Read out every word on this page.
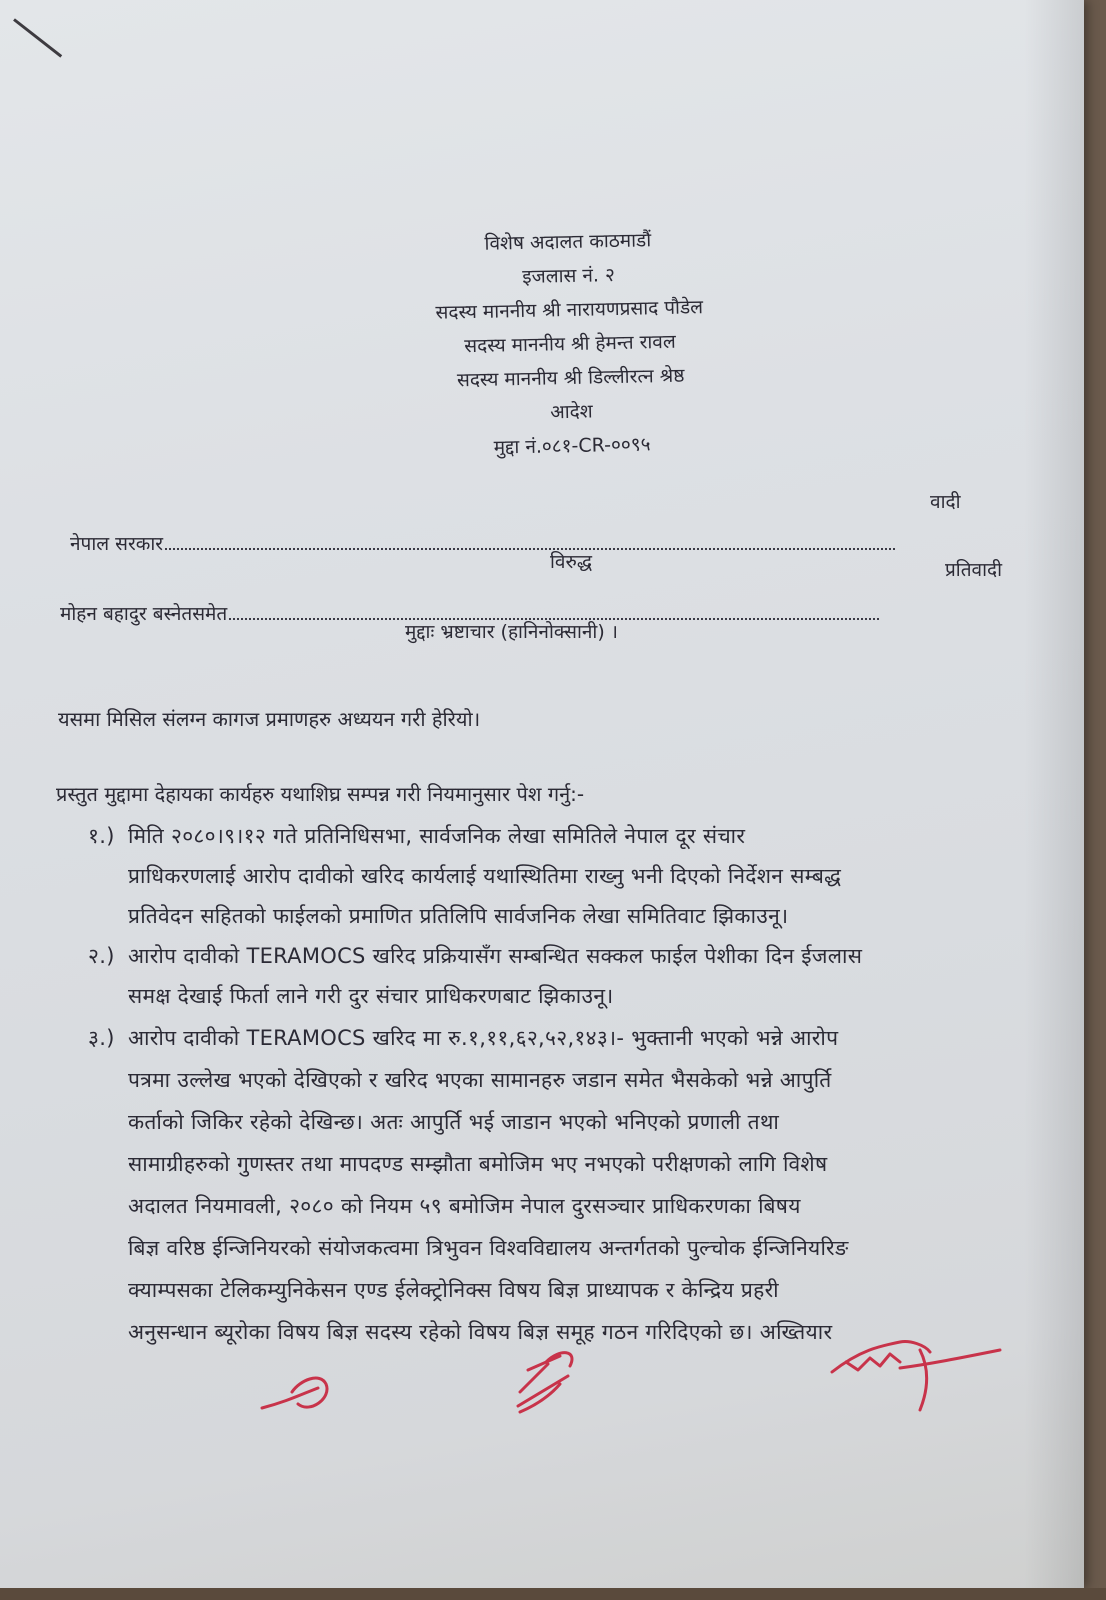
विशेष अदालत काठमाडौं
इजलास नं. २
सदस्य माननीय श्री नारायणप्रसाद पौडेल
सदस्य माननीय श्री हेमन्त रावल
सदस्य माननीय श्री डिल्लीरत्न श्रेष्ठ
आदेश
मुद्दा नं.०८१-CR-००९५
नेपाल सरकार
वादी
विरुद्ध
मोहन बहादुर बस्नेतसमेत
प्रतिवादी
मुद्दाः भ्रष्टाचार (हानिनोक्सानी) ।
यसमा मिसिल संलग्न कागज प्रमाणहरु अध्ययन गरी हेरियो।
प्रस्तुत मुद्दामा देहायका कार्यहरु यथाशिघ्र सम्पन्न गरी नियमानुसार पेश गर्नु:-
१.) मिति २०८०।९।१२ गते प्रतिनिधिसभा, सार्वजनिक लेखा समितिले नेपाल दूर संचार
प्राधिकरणलाई आरोप दावीको खरिद कार्यलाई यथास्थितिमा राख्नु भनी दिएको निर्देशन सम्बद्ध
प्रतिवेदन सहितको फाईलको प्रमाणित प्रतिलिपि सार्वजनिक लेखा समितिवाट झिकाउनू।
२.) आरोप दावीको TERAMOCS खरिद प्रक्रियासँग सम्बन्धित सक्कल फाईल पेशीका दिन ईजलास
समक्ष देखाई फिर्ता लाने गरी दुर संचार प्राधिकरणबाट झिकाउनू।
३.) आरोप दावीको TERAMOCS खरिद मा रु.१,११,६२,५२,१४३।- भुक्तानी भएको भन्ने आरोप
पत्रमा उल्लेख भएको देखिएको र खरिद भएका सामानहरु जडान समेत भैसकेको भन्ने आपुर्ति
कर्ताको जिकिर रहेको देखिन्छ। अतः आपुर्ति भई जाडान भएको भनिएको प्रणाली तथा
सामाग्रीहरुको गुणस्तर तथा मापदण्ड सम्झौता बमोजिम भए नभएको परीक्षणको लागि विशेष
अदालत नियमावली, २०८० को नियम ५९ बमोजिम नेपाल दुरसञ्चार प्राधिकरणका बिषय
बिज्ञ वरिष्ठ ईन्जिनियरको संयोजकत्वमा त्रिभुवन विश्वविद्यालय अन्तर्गतको पुल्चोक ईन्जिनियरिङ
क्याम्पसका टेलिकम्युनिकेसन एण्ड ईलेक्ट्रोनिक्स विषय बिज्ञ प्राध्यापक र केन्द्रिय प्रहरी
अनुसन्धान ब्यूरोका विषय बिज्ञ सदस्य रहेको विषय बिज्ञ समूह गठन गरिदिएको छ। अख्तियार
